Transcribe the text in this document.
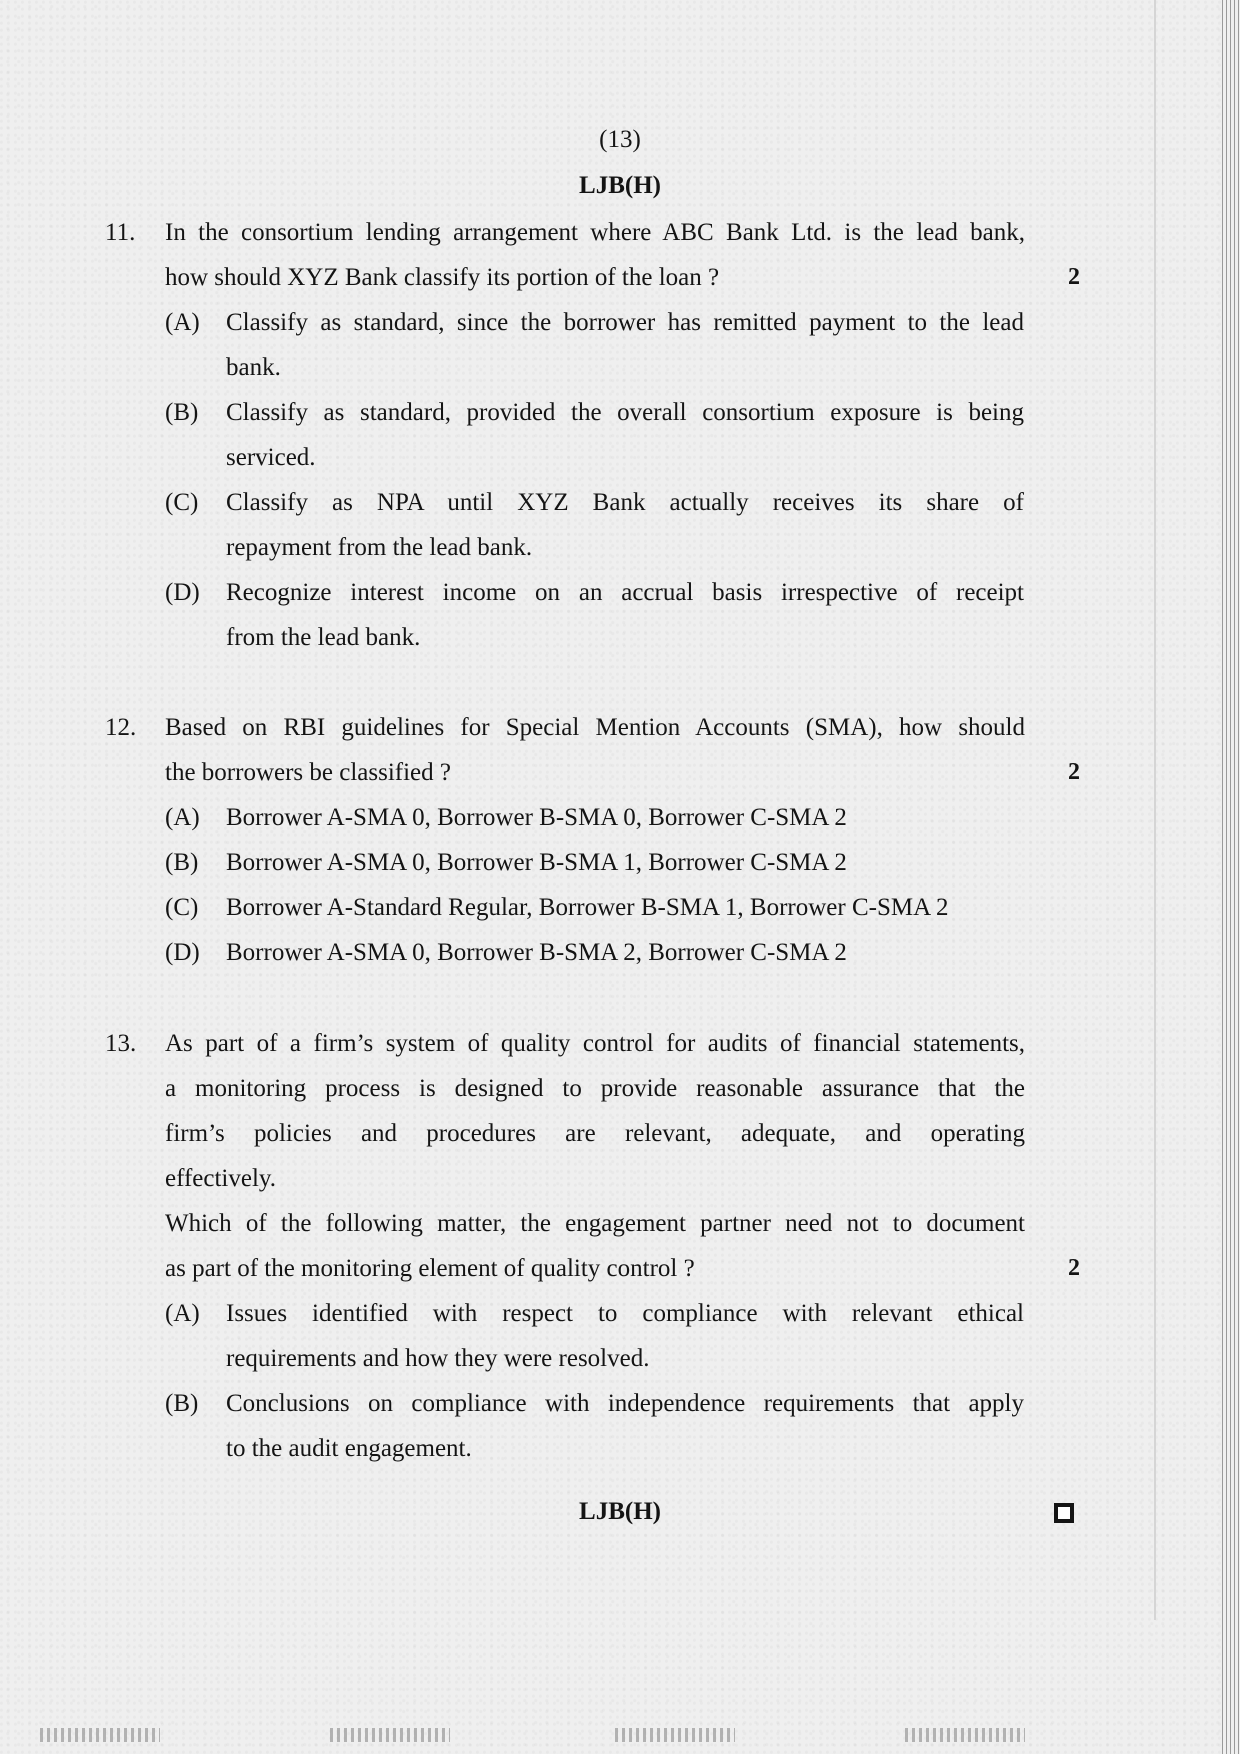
(13)
LJB(H)
11. In the consortium lending arrangement where ABC Bank Ltd. is the lead bank,
how should XYZ Bank classify its portion of the loan ?	2
(A) Classify as standard, since the borrower has remitted payment to the lead
bank.
(B) Classify as standard, provided the overall consortium exposure is being
serviced.
(C) Classify as NPA until XYZ Bank actually receives its share of
repayment from the lead bank.
(D) Recognize interest income on an accrual basis irrespective of receipt
from the lead bank.
12. Based on RBI guidelines for Special Mention Accounts (SMA), how should
the borrowers be classified ?	2
(A) Borrower A-SMA 0, Borrower B-SMA 0, Borrower C-SMA 2
(B) Borrower A-SMA 0, Borrower B-SMA 1, Borrower C-SMA 2
(C) Borrower A-Standard Regular, Borrower B-SMA 1, Borrower C-SMA 2
(D) Borrower A-SMA 0, Borrower B-SMA 2, Borrower C-SMA 2
13. As part of a firm’s system of quality control for audits of financial statements,
a monitoring process is designed to provide reasonable assurance that the
firm’s policies and procedures are relevant, adequate, and operating
effectively.
Which of the following matter, the engagement partner need not to document
as part of the monitoring element of quality control ?	2
(A) Issues identified with respect to compliance with relevant ethical
requirements and how they were resolved.
(B) Conclusions on compliance with independence requirements that apply
to the audit engagement.
LJB(H)
